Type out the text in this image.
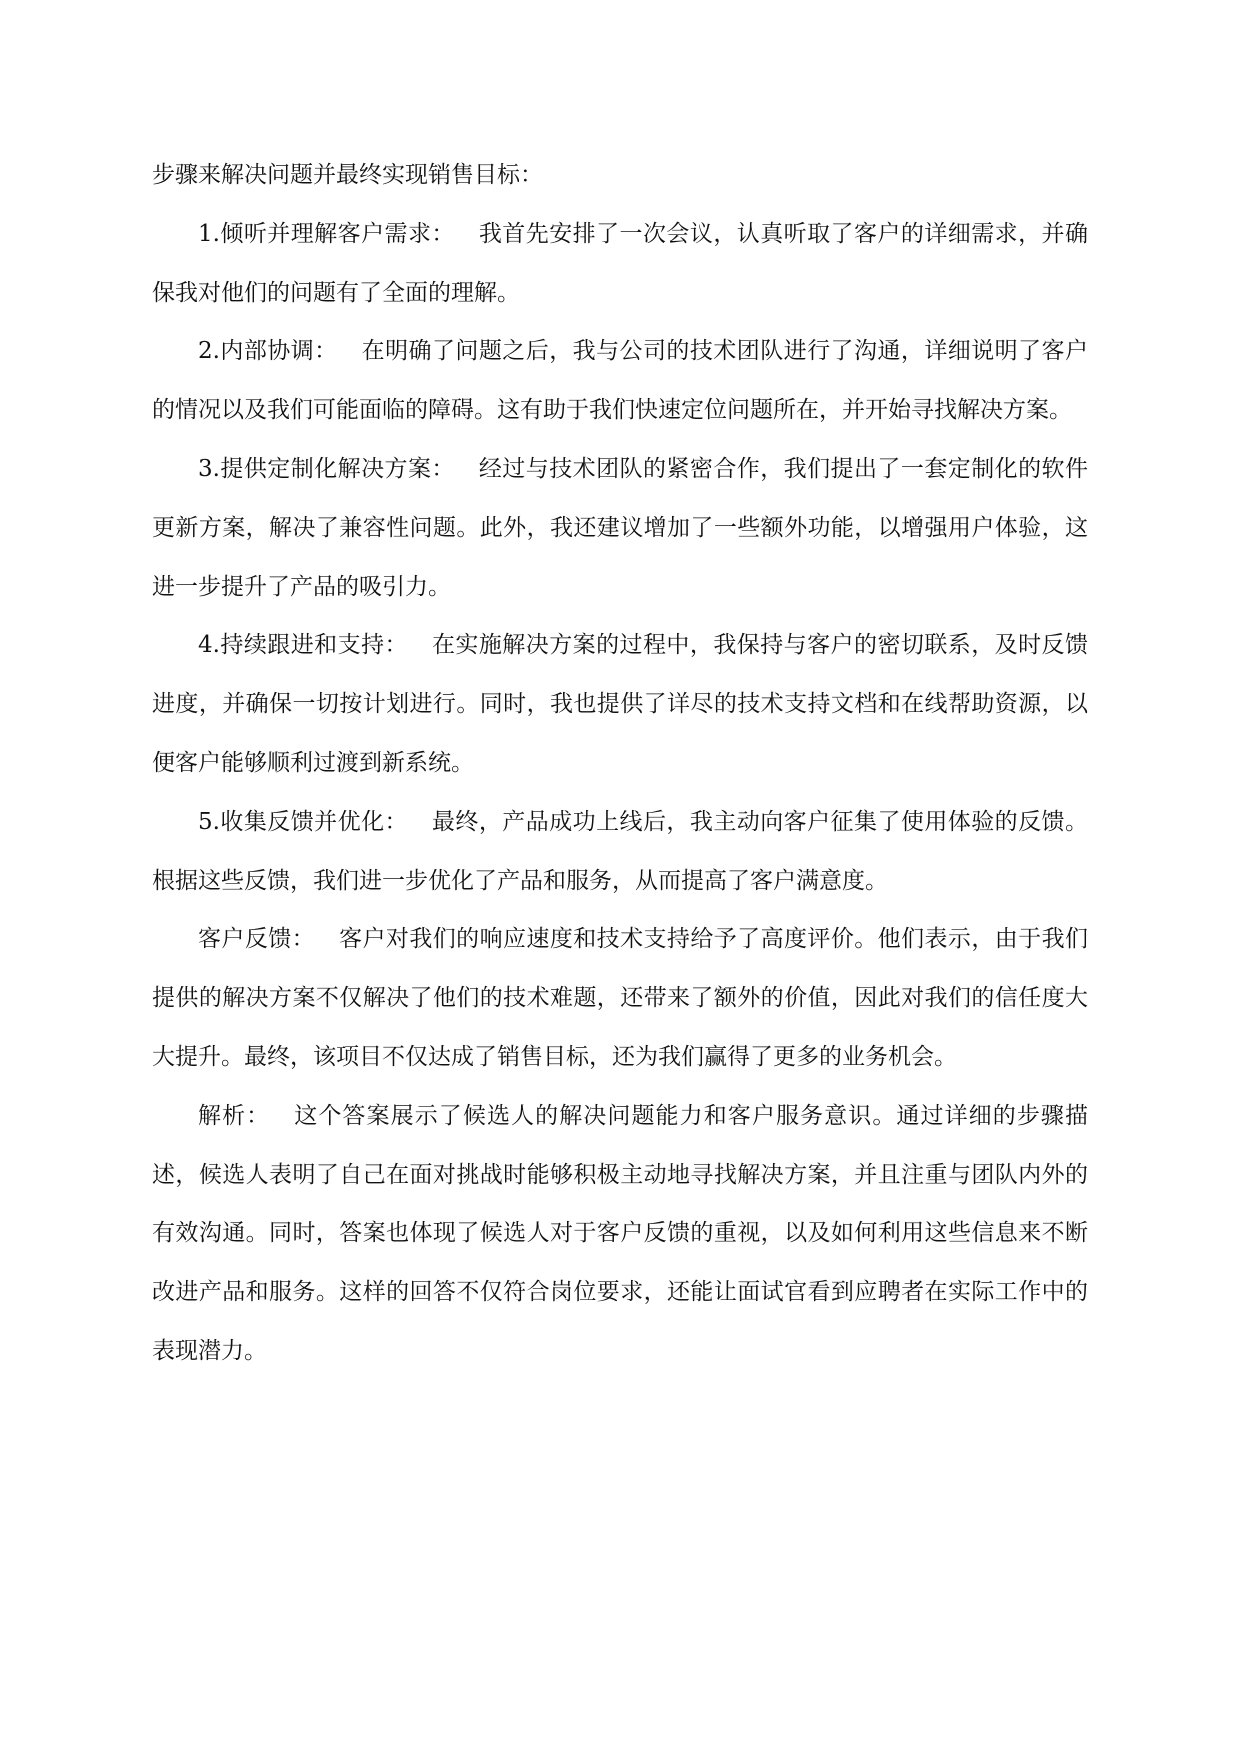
步骤来解决问题并最终实现销售目标：

1.倾听并理解客户需求： 我首先安排了一次会议，认真听取了客户的详细需求，并确保我对他们的问题有了全面的理解。

2.内部协调： 在明确了问题之后，我与公司的技术团队进行了沟通，详细说明了客户的情况以及我们可能面临的障碍。这有助于我们快速定位问题所在，并开始寻找解决方案。

3.提供定制化解决方案： 经过与技术团队的紧密合作，我们提出了一套定制化的软件更新方案，解决了兼容性问题。此外，我还建议增加了一些额外功能，以增强用户体验，这进一步提升了产品的吸引力。

4.持续跟进和支持： 在实施解决方案的过程中，我保持与客户的密切联系，及时反馈进度，并确保一切按计划进行。同时，我也提供了详尽的技术支持文档和在线帮助资源，以便客户能够顺利过渡到新系统。

5.收集反馈并优化： 最终，产品成功上线后，我主动向客户征集了使用体验的反馈。根据这些反馈，我们进一步优化了产品和服务，从而提高了客户满意度。

客户反馈： 客户对我们的响应速度和技术支持给予了高度评价。他们表示，由于我们提供的解决方案不仅解决了他们的技术难题，还带来了额外的价值，因此对我们的信任度大大提升。最终，该项目不仅达成了销售目标，还为我们赢得了更多的业务机会。

解析： 这个答案展示了候选人的解决问题能力和客户服务意识。通过详细的步骤描述，候选人表明了自己在面对挑战时能够积极主动地寻找解决方案，并且注重与团队内外的有效沟通。同时，答案也体现了候选人对于客户反馈的重视，以及如何利用这些信息来不断改进产品和服务。这样的回答不仅符合岗位要求，还能让面试官看到应聘者在实际工作中的表现潜力。
